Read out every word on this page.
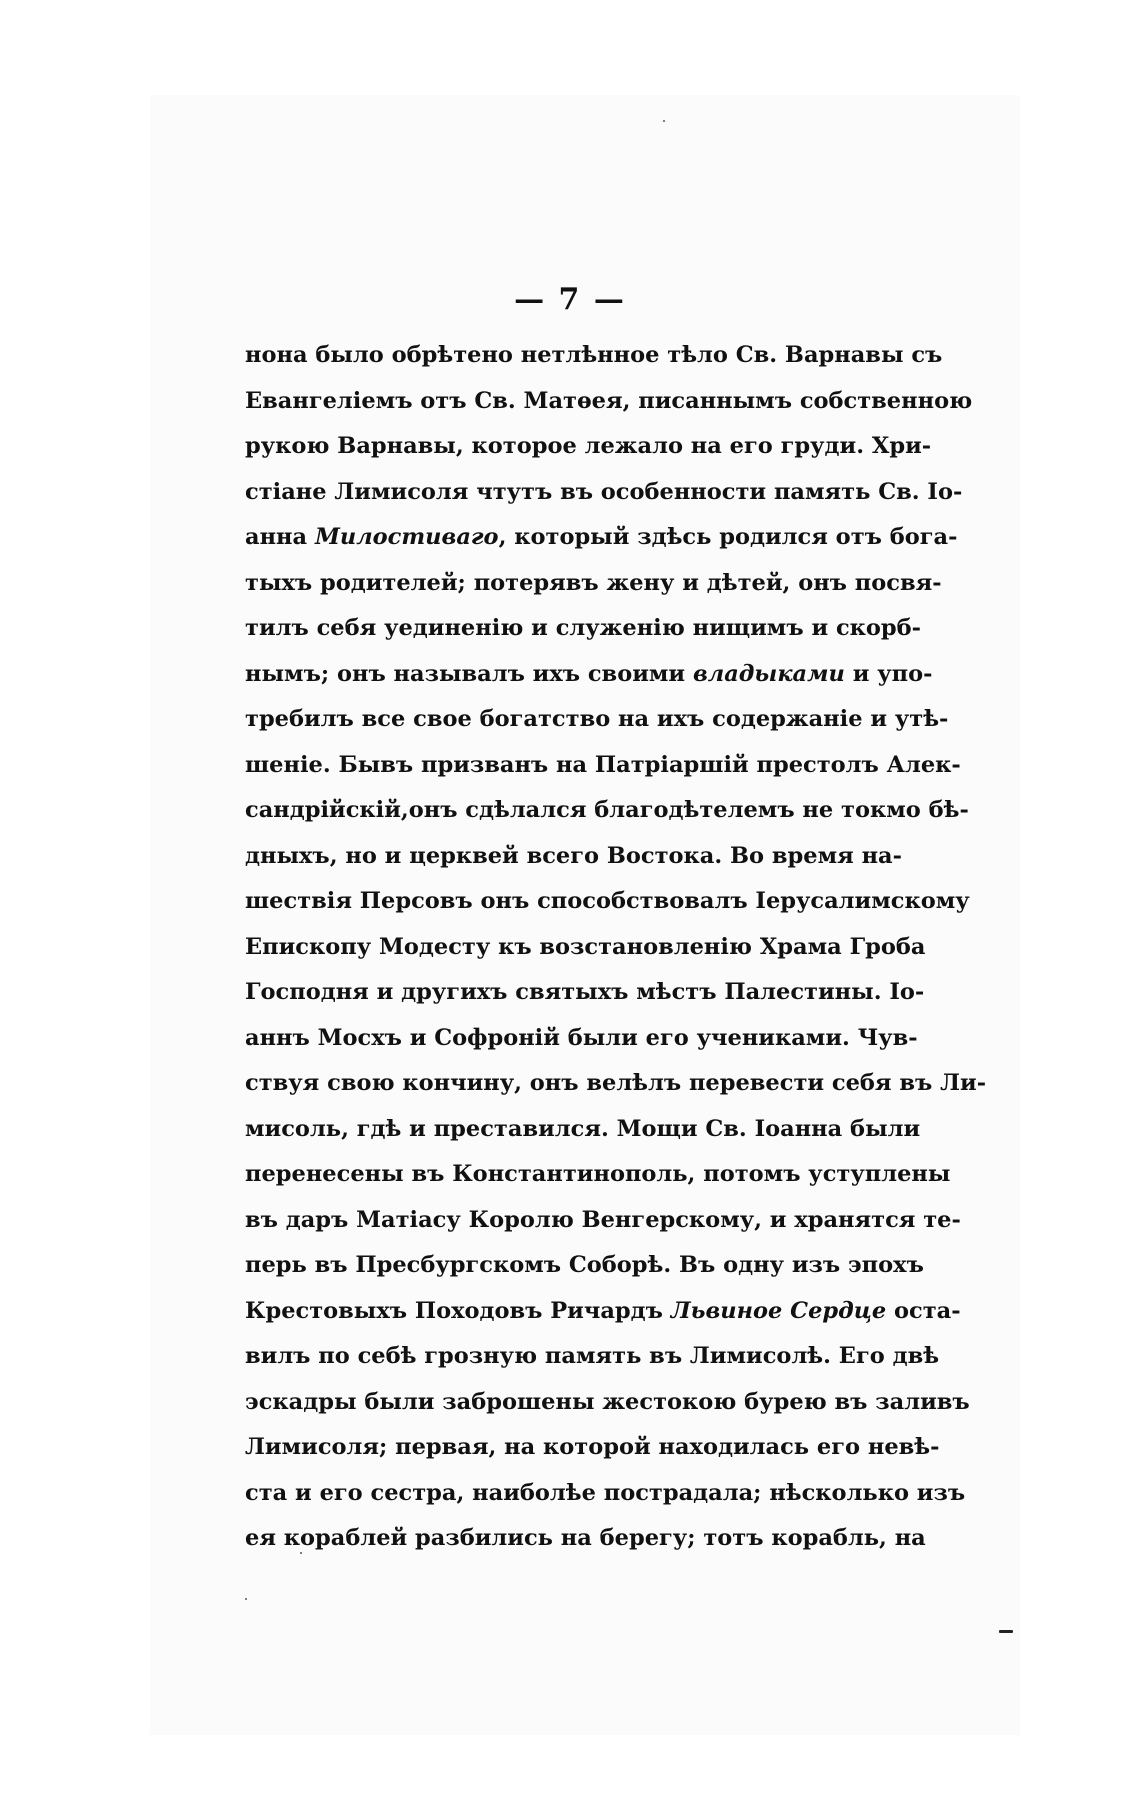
— 7 —
нона было обрѣтено нетлѣнное тѣло Св. Варнавы съ
Евангеліемъ отъ Св. Матѳея, писаннымъ собственною
рукою Варнавы, которое лежало на его груди. Хри-
стіане Лимисоля чтутъ въ особенности память Св. Іо-
анна Милостиваго, который здѣсь родился отъ бога-
тыхъ родителей; потерявъ жену и дѣтей, онъ посвя-
тилъ себя уединенію и служенію нищимъ и скорб-
нымъ; онъ называлъ ихъ своими владыками и упо-
требилъ все свое богатство на ихъ содержаніе и утѣ-
шеніе. Бывъ призванъ на Патріаршій престолъ Алек-
сандрійскій,онъ сдѣлался благодѣтелемъ не токмо бѣ-
дныхъ, но и церквей всего Востока. Во время на-
шествія Персовъ онъ способствовалъ Іерусалимскому
Епископу Модесту къ возстановленію Храма Гроба
Господня и другихъ святыхъ мѣстъ Палестины. Іо-
аннъ Мосхъ и Софроній были его учениками. Чув-
ствуя свою кончину, онъ велѣлъ перевести себя въ Ли-
мисоль, гдѣ и преставился. Мощи Св. Іоанна были
перенесены въ Константинополь, потомъ уступлены
въ даръ Матіасу Королю Венгерскому, и хранятся те-
перь въ Пресбургскомъ Соборѣ. Въ одну изъ эпохъ
Крестовыхъ Походовъ Ричардъ Львиное Сердце оста-
вилъ по себѣ грозную память въ Лимисолѣ. Его двѣ
эскадры были заброшены жестокою бурею въ заливъ
Лимисоля; первая, на которой находилась его невѣ-
ста и его сестра, наиболѣе пострадала; нѣсколько изъ
ея кораблей разбились на берегу; тотъ корабль, на
